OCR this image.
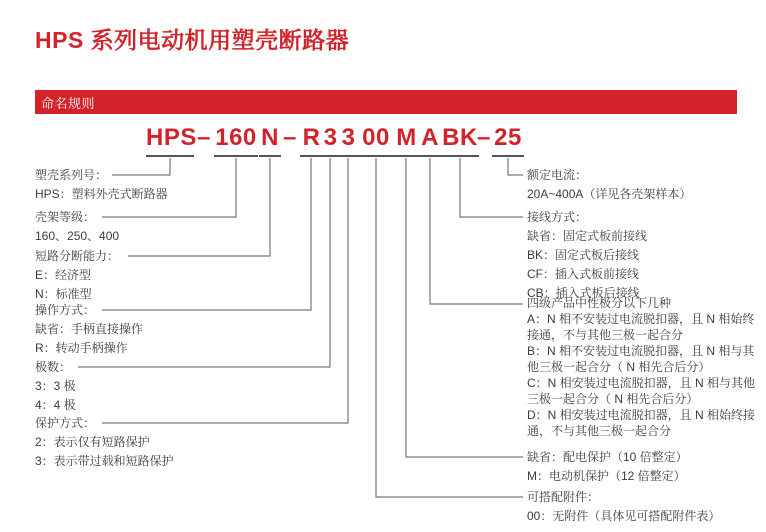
HPS 系列电动机用塑壳断路器
命名规则
HPS – 160 N – R 3 3 00 M A BK – 25
塑壳系列号：
HPS：塑料外壳式断路器
壳架等级：
160、250、400
短路分断能力：
E：经济型
N：标准型
操作方式：
缺省：手柄直接操作
R：转动手柄操作
极数：
3：3 极
4：4 极
保护方式：
2：表示仅有短路保护
3：表示带过载和短路保护
额定电流：
20A~400A（详见各壳架样本）
接线方式：
缺省：固定式板前接线
BK：固定式板后接线
CF：插入式板前接线
CB：插入式板后接线
四级产品中性极分以下几种
A：N 相不安装过电流脱扣器，且 N 相始终
接通，不与其他三极一起合分
B：N 相不安装过电流脱扣器，且 N 相与其
他三极一起合分（ N 相先合后分）
C：N 相安装过电流脱扣器，且 N 相与其他
三极一起合分（ N 相先合后分）
D：N 相安装过电流脱扣器，且 N 相始终接
通，不与其他三极一起合分
缺省：配电保护（10 倍整定）
M：电动机保护（12 倍整定）
可搭配附件：
00：无附件（具体见可搭配附件表）
